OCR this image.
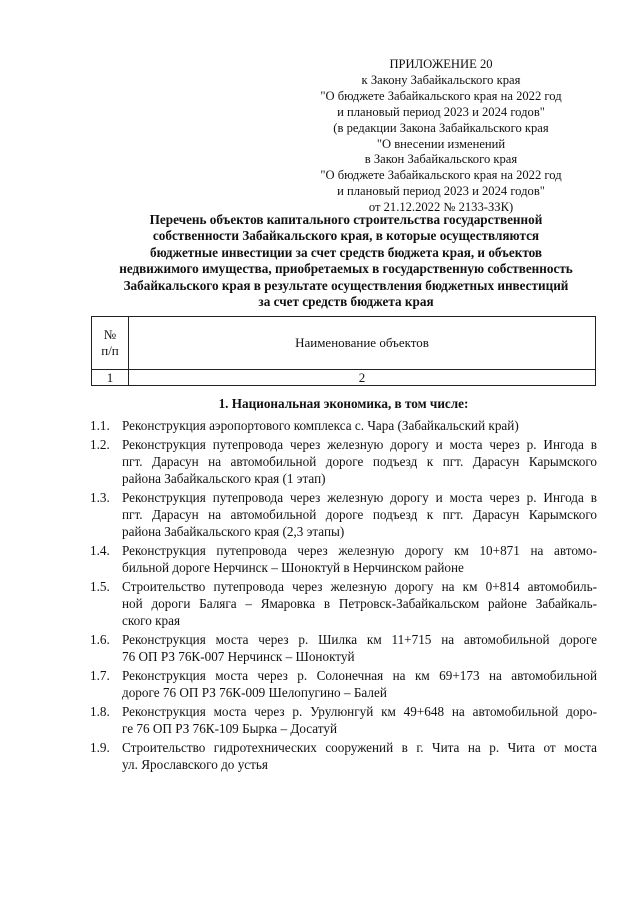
ПРИЛОЖЕНИЕ 20
к Закону Забайкальского края
"О бюджете Забайкальского края на 2022 год
и плановый период 2023 и 2024 годов"
(в редакции Закона Забайкальского края
"О внесении изменений
в Закон Забайкальского края
"О бюджете Забайкальского края на 2022 год
и плановый период 2023 и 2024 годов"
от 21.12.2022 № 2133-ЗЗК)
Перечень объектов капитального строительства государственной
собственности Забайкальского края, в которые осуществляются
бюджетные инвестиции за счет средств бюджета края, и объектов
недвижимого имущества, приобретаемых в государственную собственность
Забайкальского края в результате осуществления бюджетных инвестиций
за счет средств бюджета края
№
п/п	Наименование объектов
1	2
1. Национальная экономика, в том числе:
1.1. Реконструкция аэропортового комплекса с. Чара (Забайкальский край)
1.2. Реконструкция путепровода через железную дорогу и моста через р. Ингода в
пгт. Дарасун на автомобильной дороге подъезд к пгт. Дарасун Карымского
района Забайкальского края (1 этап)
1.3. Реконструкция путепровода через железную дорогу и моста через р. Ингода в
пгт. Дарасун на автомобильной дороге подъезд к пгт. Дарасун Карымского
района Забайкальского края (2,3 этапы)
1.4. Реконструкция путепровода через железную дорогу км 10+871 на автомо-
бильной дороге Нерчинск – Шоноктуй в Нерчинском районе
1.5. Строительство путепровода через железную дорогу на км 0+814 автомобиль-
ной дороги Баляга – Ямаровка в Петровск-Забайкальском районе Забайкаль-
ского края
1.6. Реконструкция моста через р. Шилка км 11+715 на автомобильной дороге
76 ОП РЗ 76К-007 Нерчинск – Шоноктуй
1.7. Реконструкция моста через р. Солонечная на км 69+173 на автомобильной
дороге 76 ОП РЗ 76К-009 Шелопугино – Балей
1.8. Реконструкция моста через р. Урулюнгуй км 49+648 на автомобильной доро-
ге 76 ОП РЗ 76К-109 Бырка – Досатуй
1.9. Строительство гидротехнических сооружений в г. Чита на р. Чита от моста
ул. Ярославского до устья
